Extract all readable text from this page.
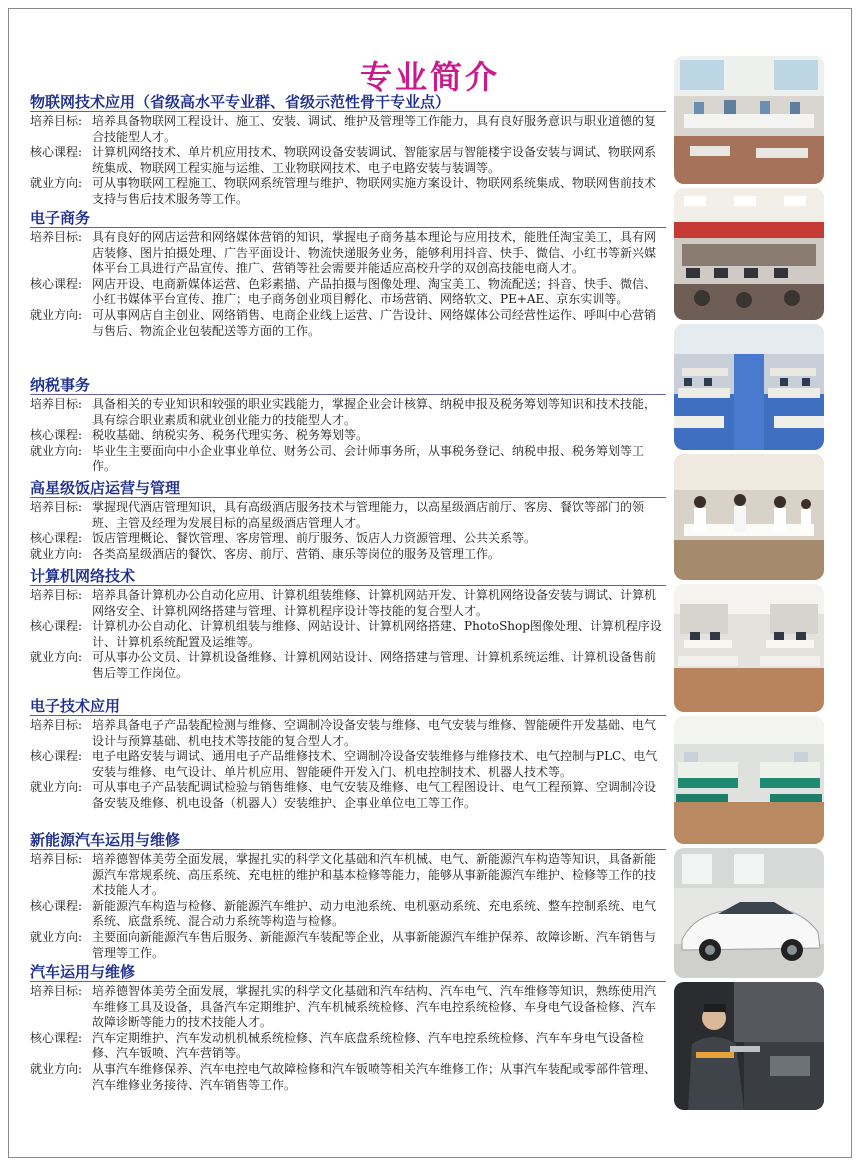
专业简介
物联网技术应用（省级高水平专业群、省级示范性骨干专业点）
培养目标: 培养具备物联网工程设计、施工、安装、调试、维护及管理等工作能力，具有良好服务意识与职业道德的复合技能型人才。
核心课程: 计算机网络技术、单片机应用技术、物联网设备安装调试、智能家居与智能楼宇设备安装与调试、物联网系统集成、物联网工程实施与运维、工业物联网技术、电子电路安装与装调等。
就业方向: 可从事物联网工程施工、物联网系统管理与维护、物联网实施方案设计、物联网系统集成、物联网售前技术支持与售后技术服务等工作。
电子商务
培养目标: 具有良好的网店运营和网络媒体营销的知识，掌握电子商务基本理论与应用技术，能胜任淘宝美工，具有网店装修、图片拍摄处理、广告平面设计、物流快递服务业务，能够利用抖音、快手、微信、小红书等新兴媒体平台工具进行产品宣传、推广、营销等社会需要并能适应高校升学的双创高技能电商人才。
核心课程: 网店开设、电商新媒体运营、色彩素描、产品拍摄与图像处理、淘宝美工、物流配送；抖音、快手、微信、小红书媒体平台宣传、推广；电子商务创业项目孵化、市场营销、网络软文、PE+AE、京东实训等。
就业方向: 可从事网店自主创业、网络销售、电商企业线上运营、广告设计、网络媒体公司经营性运作、呼叫中心营销与售后、物流企业包装配送等方面的工作。
纳税事务
培养目标: 具备相关的专业知识和较强的职业实践能力，掌握企业会计核算、纳税申报及税务筹划等知识和技术技能，具有综合职业素质和就业创业能力的技能型人才。
核心课程: 税收基础、纳税实务、税务代理实务、税务筹划等。
就业方向: 毕业生主要面向中小企业事业单位、财务公司、会计师事务所，从事税务登记、纳税申报、税务筹划等工作。
高星级饭店运营与管理
培养目标: 掌握现代酒店管理知识，具有高级酒店服务技术与管理能力，以高星级酒店前厅、客房、餐饮等部门的领班、主管及经理为发展目标的高星级酒店管理人才。
核心课程: 饭店管理概论、餐饮管理、客房管理、前厅服务、饭店人力资源管理、公共关系等。
就业方向: 各类高星级酒店的餐饮、客房、前厅、营销、康乐等岗位的服务及管理工作。
计算机网络技术
培养目标: 培养具备计算机办公自动化应用、计算机组装维修、计算机网站开发、计算机网络设备安装与调试、计算机网络安全、计算机网络搭建与管理、计算机程序设计等技能的复合型人才。
核心课程: 计算机办公自动化、计算机组装与维修、网站设计、计算机网络搭建、PhotoShop图像处理、计算机程序设计、计算机系统配置及运维等。
就业方向: 可从事办公文员、计算机设备维修、计算机网站设计、网络搭建与管理、计算机系统运维、计算机设备售前售后等工作岗位。
电子技术应用
培养目标: 培养具备电子产品装配检测与维修、空调制冷设备安装与维修、电气安装与维修、智能硬件开发基础、电气设计与预算基础、机电技术等技能的复合型人才。
核心课程: 电子电路安装与调试、通用电子产品维修技术、空调制冷设备安装维修与维修技术、电气控制与PLC、电气安装与维修、电气设计、单片机应用、智能硬件开发入门、机电控制技术、机器人技术等。
就业方向: 可从事电子产品装配调试检验与销售维修、电气安装及维修、电气工程图设计、电气工程预算、空调制冷设备安装及维修、机电设备（机器人）安装维护、企事业单位电工等工作。
新能源汽车运用与维修
培养目标: 培养德智体美劳全面发展，掌握扎实的科学文化基础和汽车机械、电气、新能源汽车构造等知识，具备新能源汽车常规系统、高压系统、充电桩的维护和基本检修等能力，能够从事新能源汽车维护、检修等工作的技术技能人才。
核心课程: 新能源汽车构造与检修、新能源汽车维护、动力电池系统、电机驱动系统、充电系统、整车控制系统、电气系统、底盘系统、混合动力系统等构造与检修。
就业方向: 主要面向新能源汽车售后服务、新能源汽车装配等企业，从事新能源汽车维护保养、故障诊断、汽车销售与管理等工作。
汽车运用与维修
培养目标: 培养德智体美劳全面发展，掌握扎实的科学文化基础和汽车结构、汽车电气、汽车维修等知识，熟练使用汽车维修工具及设备，具备汽车定期维护、汽车机械系统检修、汽车电控系统检修、车身电气设备检修、汽车故障诊断等能力的技术技能人才。
核心课程: 汽车定期维护、汽车发动机机械系统检修、汽车底盘系统检修、汽车电控系统检修、汽车车身电气设备检修、汽车钣喷、汽车营销等。
就业方向: 从事汽车维修保养、汽车电控电气故障检修和汽车钣喷等相关汽车维修工作；从事汽车装配或零部件管理、汽车维修业务接待、汽车销售等工作。
